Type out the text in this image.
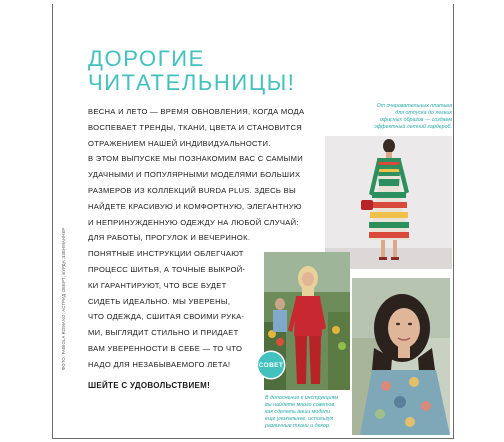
ДОРОГИЕ
ЧИТАТЕЛЬНИЦЫ!
ВЕСНА И ЛЕТО — ВРЕМЯ ОБНОВЛЕНИЯ, КОГДА МОДА
ВОСПЕВАЕТ ТРЕНДЫ, ТКАНИ, ЦВЕТА И СТАНОВИТСЯ
ОТРАЖЕНИЕМ НАШЕЙ ИНДИВИДУАЛЬНОСТИ.
В ЭТОМ ВЫПУСКЕ МЫ ПОЗНАКОМИМ ВАС С САМЫМИ
УДАЧНЫМИ И ПОПУЛЯРНЫМИ МОДЕЛЯМИ БОЛЬШИХ
РАЗМЕРОВ ИЗ КОЛЛЕКЦИЙ BURDA PLUS. ЗДЕСЬ ВЫ
НАЙДЕТЕ КРАСИВУЮ И КОМФОРТНУЮ, ЭЛЕГАНТНУЮ
И НЕПРИНУЖДЕННУЮ ОДЕЖДУ НА ЛЮБОЙ СЛУЧАЙ:
ДЛЯ РАБОТЫ, ПРОГУЛОК И ВЕЧЕРИНОК.
ПОНЯТНЫЕ ИНСТРУКЦИИ ОБЛЕГЧАЮТ
ПРОЦЕСС ШИТЬЯ, А ТОЧНЫЕ ВЫКРОЙ-
КИ ГАРАНТИРУЮТ, ЧТО ВСЕ БУДЕТ
СИДЕТЬ ИДЕАЛЬНО. МЫ УВЕРЕНЫ,
ЧТО ОДЕЖДА, СШИТАЯ СВОИМИ РУКА-
МИ, ВЫГЛЯДИТ СТИЛЬНО И ПРИДАЕТ
ВАМ УВЕРЕННОСТИ В СЕБЕ — ТО ЧТО
НАДО ДЛЯ НЕЗАБЫВАЕМОГО ЛЕТА!
ШЕЙТЕ С УДОВОЛЬСТВИЕМ!
ФОТО: FABIOLA ROMANO; АСТРИД ОБЕРТ; БУРДА ЭЗЕНМАННЕР
От очаровательных платьев
для отпуска до легких
офисных образов — создаем
эффектный летний гардероб.
СОВЕТ
В дополнение к инструкциям
вы найдете много советов,
как сделать ваши модели
еще уникальнее, используя
различные ткани и декор.
